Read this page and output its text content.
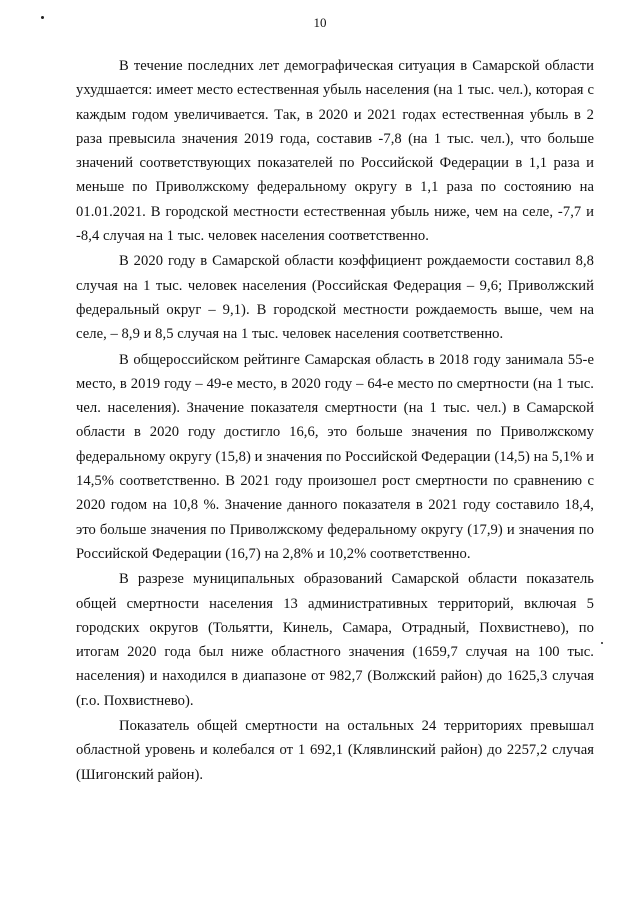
10

В течение последних лет демографическая ситуация в Самарской области ухудшается: имеет место естественная убыль населения (на 1 тыс. чел.), которая с каждым годом увеличивается. Так, в 2020 и 2021 годах естественная убыль в 2 раза превысила значения 2019 года, составив -7,8 (на 1 тыс. чел.), что больше значений соответствующих показателей по Российской Федерации в 1,1 раза и меньше по Приволжскому федеральному округу в 1,1 раза по состоянию на 01.01.2021. В городской местности естественная убыль ниже, чем на селе, -7,7 и -8,4 случая на 1 тыс. человек населения соответственно.

В 2020 году в Самарской области коэффициент рождаемости составил 8,8 случая на 1 тыс. человек населения (Российская Федерация – 9,6; Приволжский федеральный округ – 9,1). В городской местности рождаемость выше, чем на селе, – 8,9 и 8,5 случая на 1 тыс. человек населения соответственно.

В общероссийском рейтинге Самарская область в 2018 году занимала 55-е место, в 2019 году – 49-е место, в 2020 году – 64-е место по смертности (на 1 тыс. чел. населения). Значение показателя смертности (на 1 тыс. чел.) в Самарской области в 2020 году достигло 16,6, это больше значения по Приволжскому федеральному округу (15,8) и значения по Российской Федерации (14,5) на 5,1% и 14,5% соответственно. В 2021 году произошел рост смертности по сравнению с 2020 годом на 10,8 %. Значение данного показателя в 2021 году составило 18,4, это больше значения по Приволжскому федеральному округу (17,9) и значения по Российской Федерации (16,7) на 2,8% и 10,2% соответственно.

В разрезе муниципальных образований Самарской области показатель общей смертности населения 13 административных территорий, включая 5 городских округов (Тольятти, Кинель, Самара, Отрадный, Похвистнево), по итогам 2020 года был ниже областного значения (1659,7 случая на 100 тыс. населения) и находился в диапазоне от 982,7 (Волжский район) до 1625,3 случая (г.о. Похвистнево).

Показатель общей смертности на остальных 24 территориях превышал областной уровень и колебался от 1 692,1 (Клявлинский район) до 2257,2 случая (Шигонский район).
